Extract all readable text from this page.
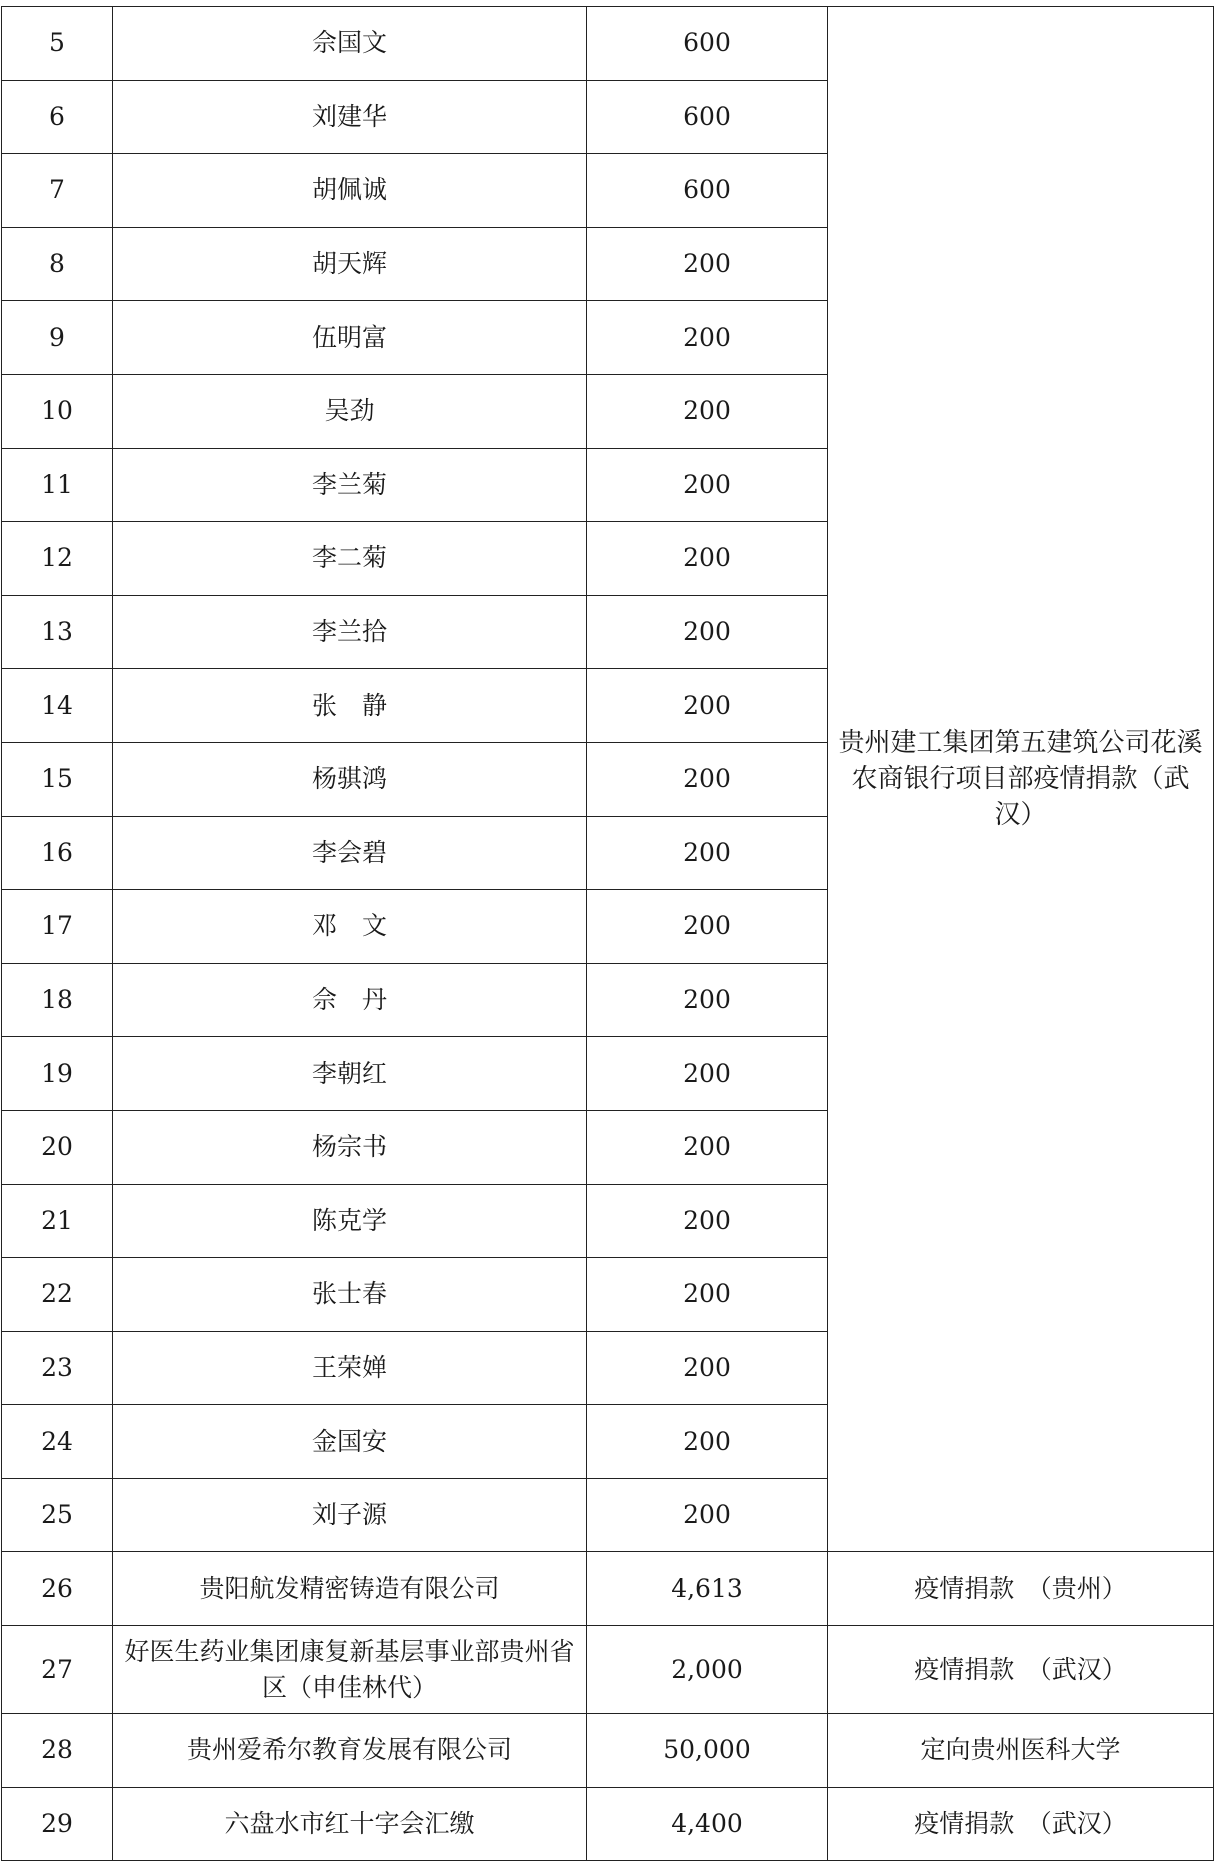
5	佘国文	600	贵州建工集团第五建筑公司花溪农商银行项目部疫情捐款（武汉）
6	刘建华	600	
7	胡佩诚	600	
8	胡天辉	200	
9	伍明富	200	
10	吴劲	200	
11	李兰菊	200	
12	李二菊	200	
13	李兰拾	200	
14	张　静	200	
15	杨骐鸿	200	
16	李会碧	200	
17	邓　文	200	
18	佘　丹	200	
19	李朝红	200	
20	杨宗书	200	
21	陈克学	200	
22	张士春	200	
23	王荣婵	200	
24	金国安	200	
25	刘子源	200	
26	贵阳航发精密铸造有限公司	4,613	疫情捐款　（贵州）
27	好医生药业集团康复新基层事业部贵州省区（申佳林代）	2,000	疫情捐款　（武汉）
28	贵州爱希尔教育发展有限公司	50,000	定向贵州医科大学
29	六盘水市红十字会汇缴	4,400	疫情捐款　（武汉）
